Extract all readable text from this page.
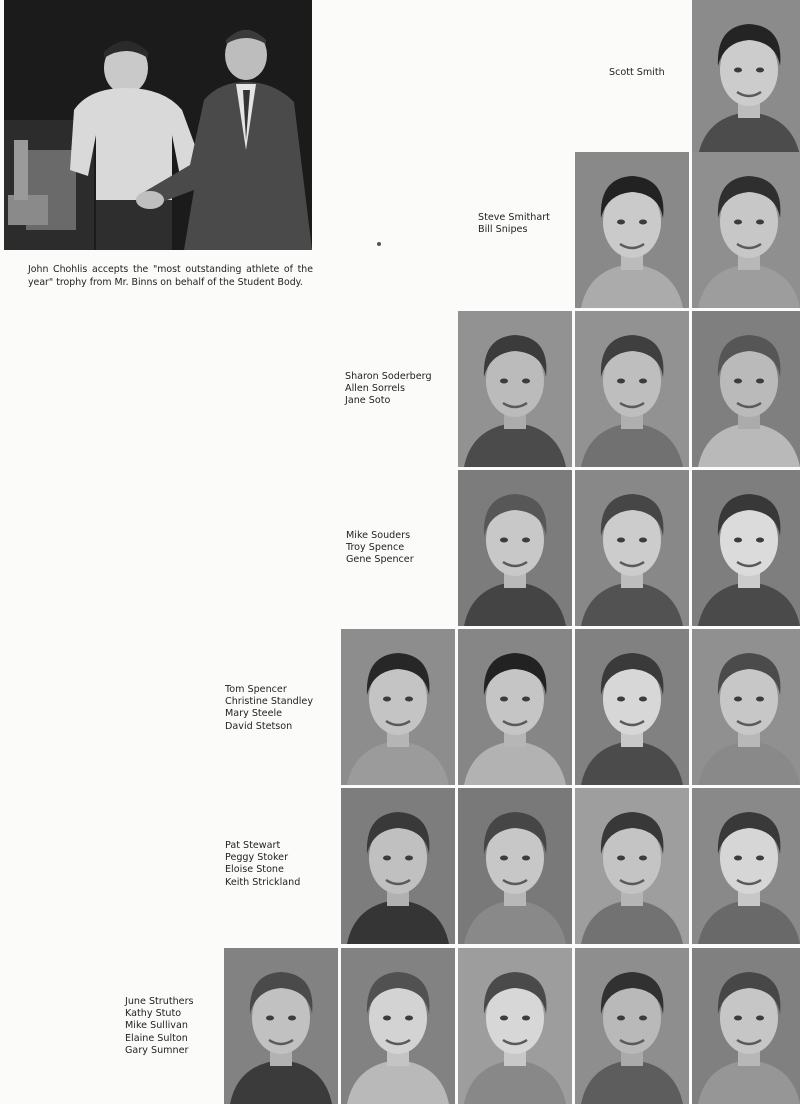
John Chohlis accepts the "most outstanding athlete of the year" trophy from Mr. Binns on behalf of the Student Body.
Scott Smith
Steve Smithart
Bill Snipes
Sharon Soderberg
Allen Sorrels
Jane Soto
Mike Souders
Troy Spence
Gene Spencer
Tom Spencer
Christine Standley
Mary Steele
David Stetson
Pat Stewart
Peggy Stoker
Eloise Stone
Keith Strickland
June Struthers
Kathy Stuto
Mike Sullivan
Elaine Sulton
Gary Sumner
